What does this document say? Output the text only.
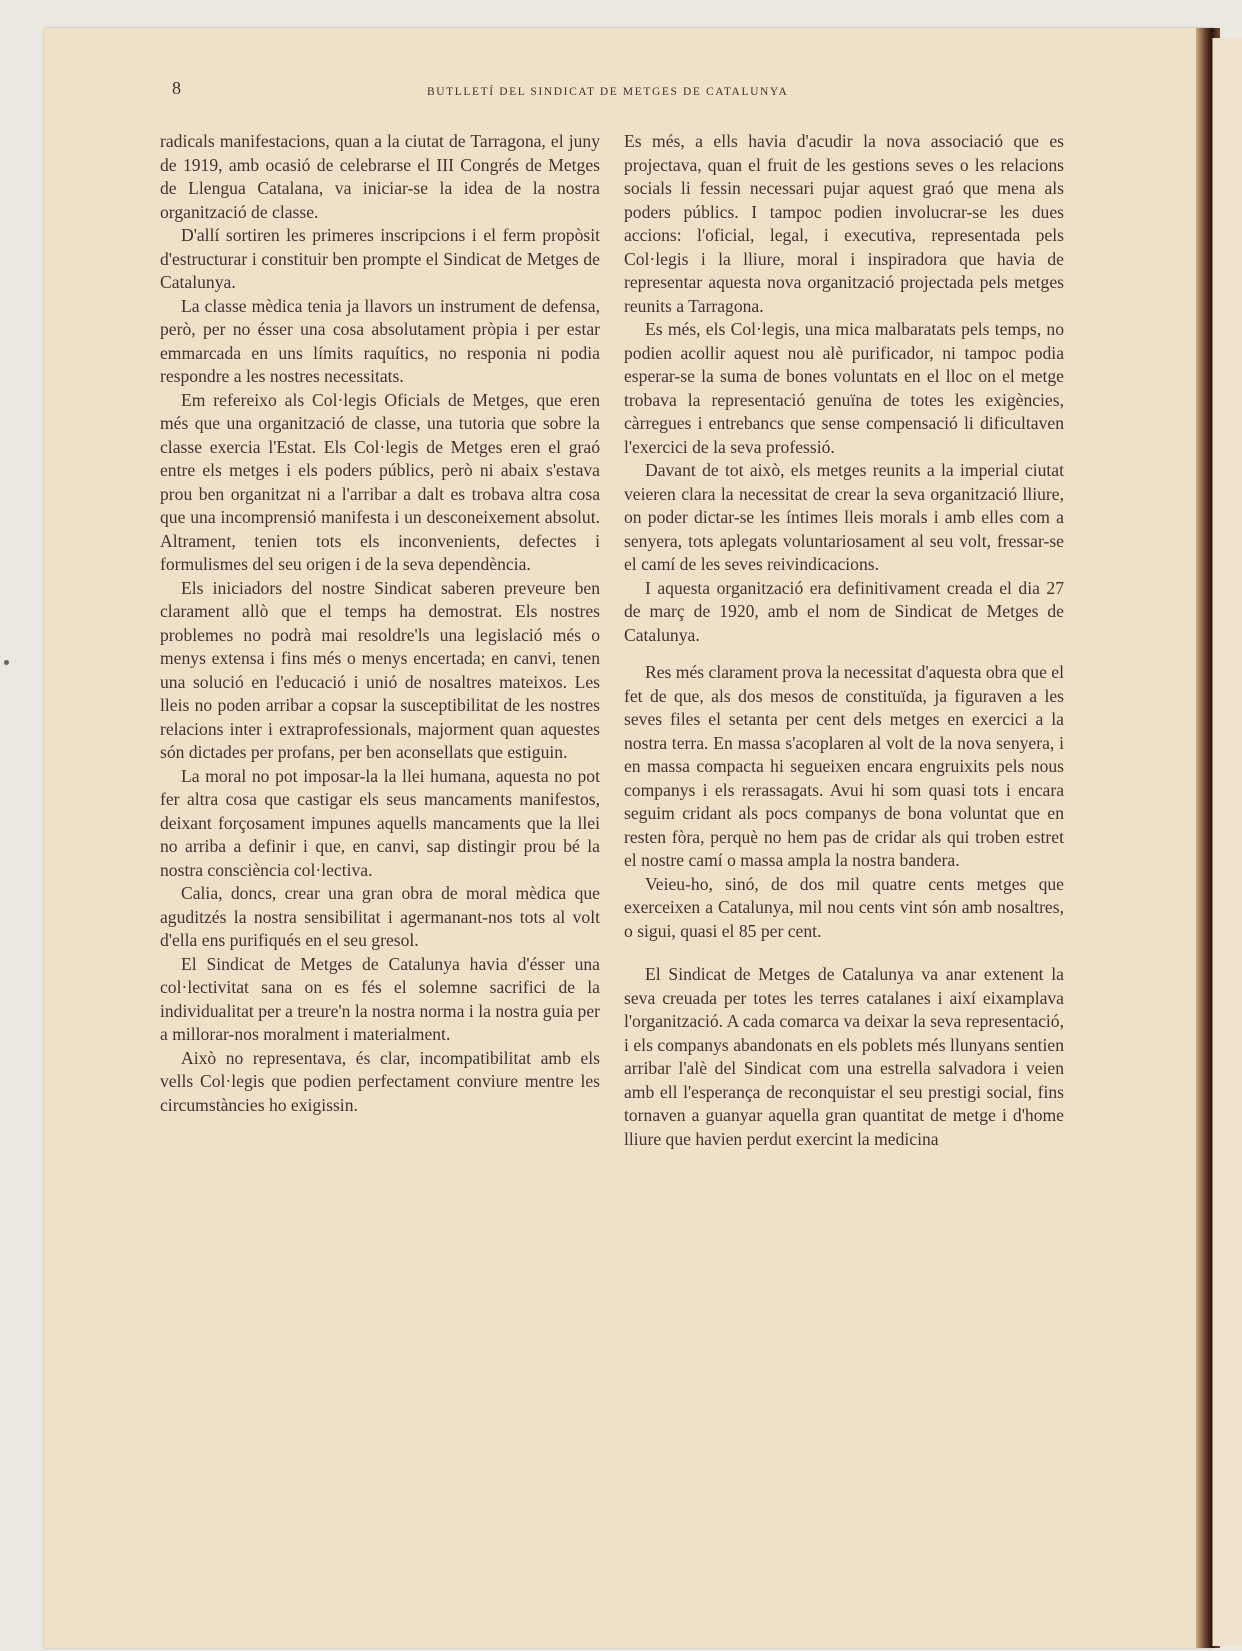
8	BUTLLETÍ DEL SINDICAT DE METGES DE CATALUNYA

radicals manifestacions, quan a la ciutat de Tarragona, el juny de 1919, amb ocasió de celebrarse el III Congrés de Metges de Llengua Catalana, va iniciar-se la idea de la nostra organització de classe.

D'allí sortiren les primeres inscripcions i el ferm propòsit d'estructurar i constituir ben prompte el Sindicat de Metges de Catalunya.

La classe mèdica tenia ja llavors un instrument de defensa, però, per no ésser una cosa absolutament pròpia i per estar emmarcada en uns límits raquítics, no responia ni podia respondre a les nostres necessitats.

Em refereixo als Col·legis Oficials de Metges, que eren més que una organització de classe, una tutoria que sobre la classe exercia l'Estat. Els Col·legis de Metges eren el graó entre els metges i els poders públics, però ni abaix s'estava prou ben organitzat ni a l'arribar a dalt es trobava altra cosa que una incomprensió manifesta i un desconeixement absolut. Altrament, tenien tots els inconvenients, defectes i formulismes del seu origen i de la seva dependència.

Els iniciadors del nostre Sindicat saberen preveure ben clarament allò que el temps ha demostrat. Els nostres problemes no podrà mai resoldre'ls una legislació més o menys extensa i fins més o menys encertada; en canvi, tenen una solució en l'educació i unió de nosaltres mateixos. Les lleis no poden arribar a copsar la susceptibilitat de les nostres relacions inter i extraprofessionals, majorment quan aquestes són dictades per profans, per ben aconsellats que estiguin.

La moral no pot imposar-la la llei humana, aquesta no pot fer altra cosa que castigar els seus mancaments manifestos, deixant forçosament impunes aquells mancaments que la llei no arriba a definir i que, en canvi, sap distingir prou bé la nostra consciència col·lectiva.

Calia, doncs, crear una gran obra de moral mèdica que aguditzés la nostra sensibilitat i agermanant-nos tots al volt d'ella ens purifiqués en el seu gresol.

El Sindicat de Metges de Catalunya havia d'ésser una col·lectivitat sana on es fés el solemne sacrifici de la individualitat per a treure'n la nostra norma i la nostra guia per a millorar-nos moralment i materialment.

Això no representava, és clar, incompatibilitat amb els vells Col·legis que podien perfectament conviure mentre les circumstàncies ho exigissin.

Es més, a ells havia d'acudir la nova associació que es projectava, quan el fruit de les gestions seves o les relacions socials li fessin necessari pujar aquest graó que mena als poders públics. I tampoc podien involucrar-se les dues accions: l'oficial, legal, i executiva, representada pels Col·legis i la lliure, moral i inspiradora que havia de representar aquesta nova organització projectada pels metges reunits a Tarragona.

Es més, els Col·legis, una mica malbaratats pels temps, no podien acollir aquest nou alè purificador, ni tampoc podia esperar-se la suma de bones voluntats en el lloc on el metge trobava la representació genuïna de totes les exigències, càrregues i entrebancs que sense compensació li dificultaven l'exercici de la seva professió.

Davant de tot això, els metges reunits a la imperial ciutat veieren clara la necessitat de crear la seva organització lliure, on poder dictar-se les íntimes lleis morals i amb elles com a senyera, tots aplegats voluntariosament al seu volt, fressar-se el camí de les seves reivindicacions.

I aquesta organització era definitivament creada el dia 27 de març de 1920, amb el nom de Sindicat de Metges de Catalunya.

Res més clarament prova la necessitat d'aquesta obra que el fet de que, als dos mesos de constituïda, ja figuraven a les seves files el setanta per cent dels metges en exercici a la nostra terra. En massa s'acoplaren al volt de la nova senyera, i en massa compacta hi segueixen encara engruixits pels nous companys i els rerassagats. Avui hi som quasi tots i encara seguim cridant als pocs companys de bona voluntat que en resten fòra, perquè no hem pas de cridar als qui troben estret el nostre camí o massa ampla la nostra bandera.

Veieu-ho, sinó, de dos mil quatre cents metges que exerceixen a Catalunya, mil nou cents vint són amb nosaltres, o sigui, quasi el 85 per cent.

El Sindicat de Metges de Catalunya va anar extenent la seva creuada per totes les terres catalanes i així eixamplava l'organització. A cada comarca va deixar la seva representació, i els companys abandonats en els poblets més llunyans sentien arribar l'alè del Sindicat com una estrella salvadora i veien amb ell l'esperança de reconquistar el seu prestigi social, fins tornaven a guanyar aquella gran quantitat de metge i d'home lliure que havien perdut exercint la medicina
